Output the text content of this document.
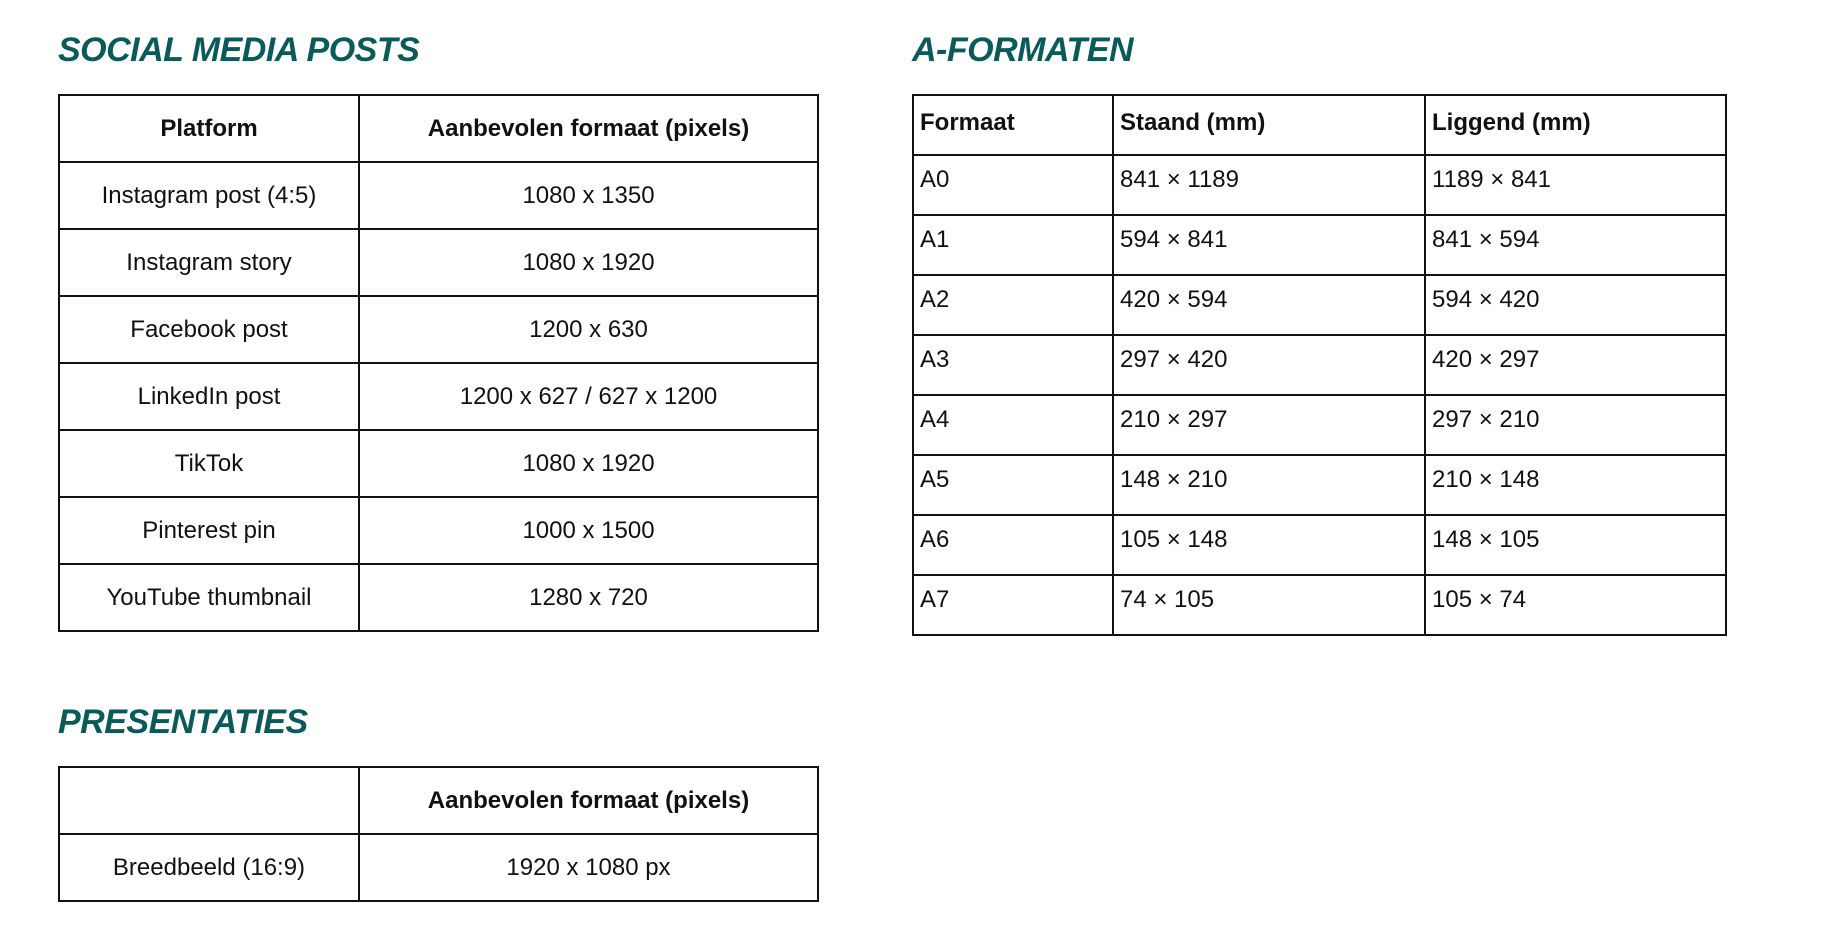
SOCIAL MEDIA POSTS
Platform	Aanbevolen formaat (pixels)
Instagram post (4:5)	1080 x 1350
Instagram story	1080 x 1920
Facebook post	1200 x 630
LinkedIn post	1200 x 627 / 627 x 1200
TikTok	1080 x 1920
Pinterest pin	1000 x 1500
YouTube thumbnail	1280 x 720
A-FORMATEN
Formaat	Staand (mm)	Liggend (mm)
A0	841 × 1189	1189 × 841
A1	594 × 841	841 × 594
A2	420 × 594	594 × 420
A3	297 × 420	420 × 297
A4	210 × 297	297 × 210
A5	148 × 210	210 × 148
A6	105 × 148	148 × 105
A7	74 × 105	105 × 74
PRESENTATIES
	Aanbevolen formaat (pixels)
Breedbeeld (16:9)	1920 x 1080 px
